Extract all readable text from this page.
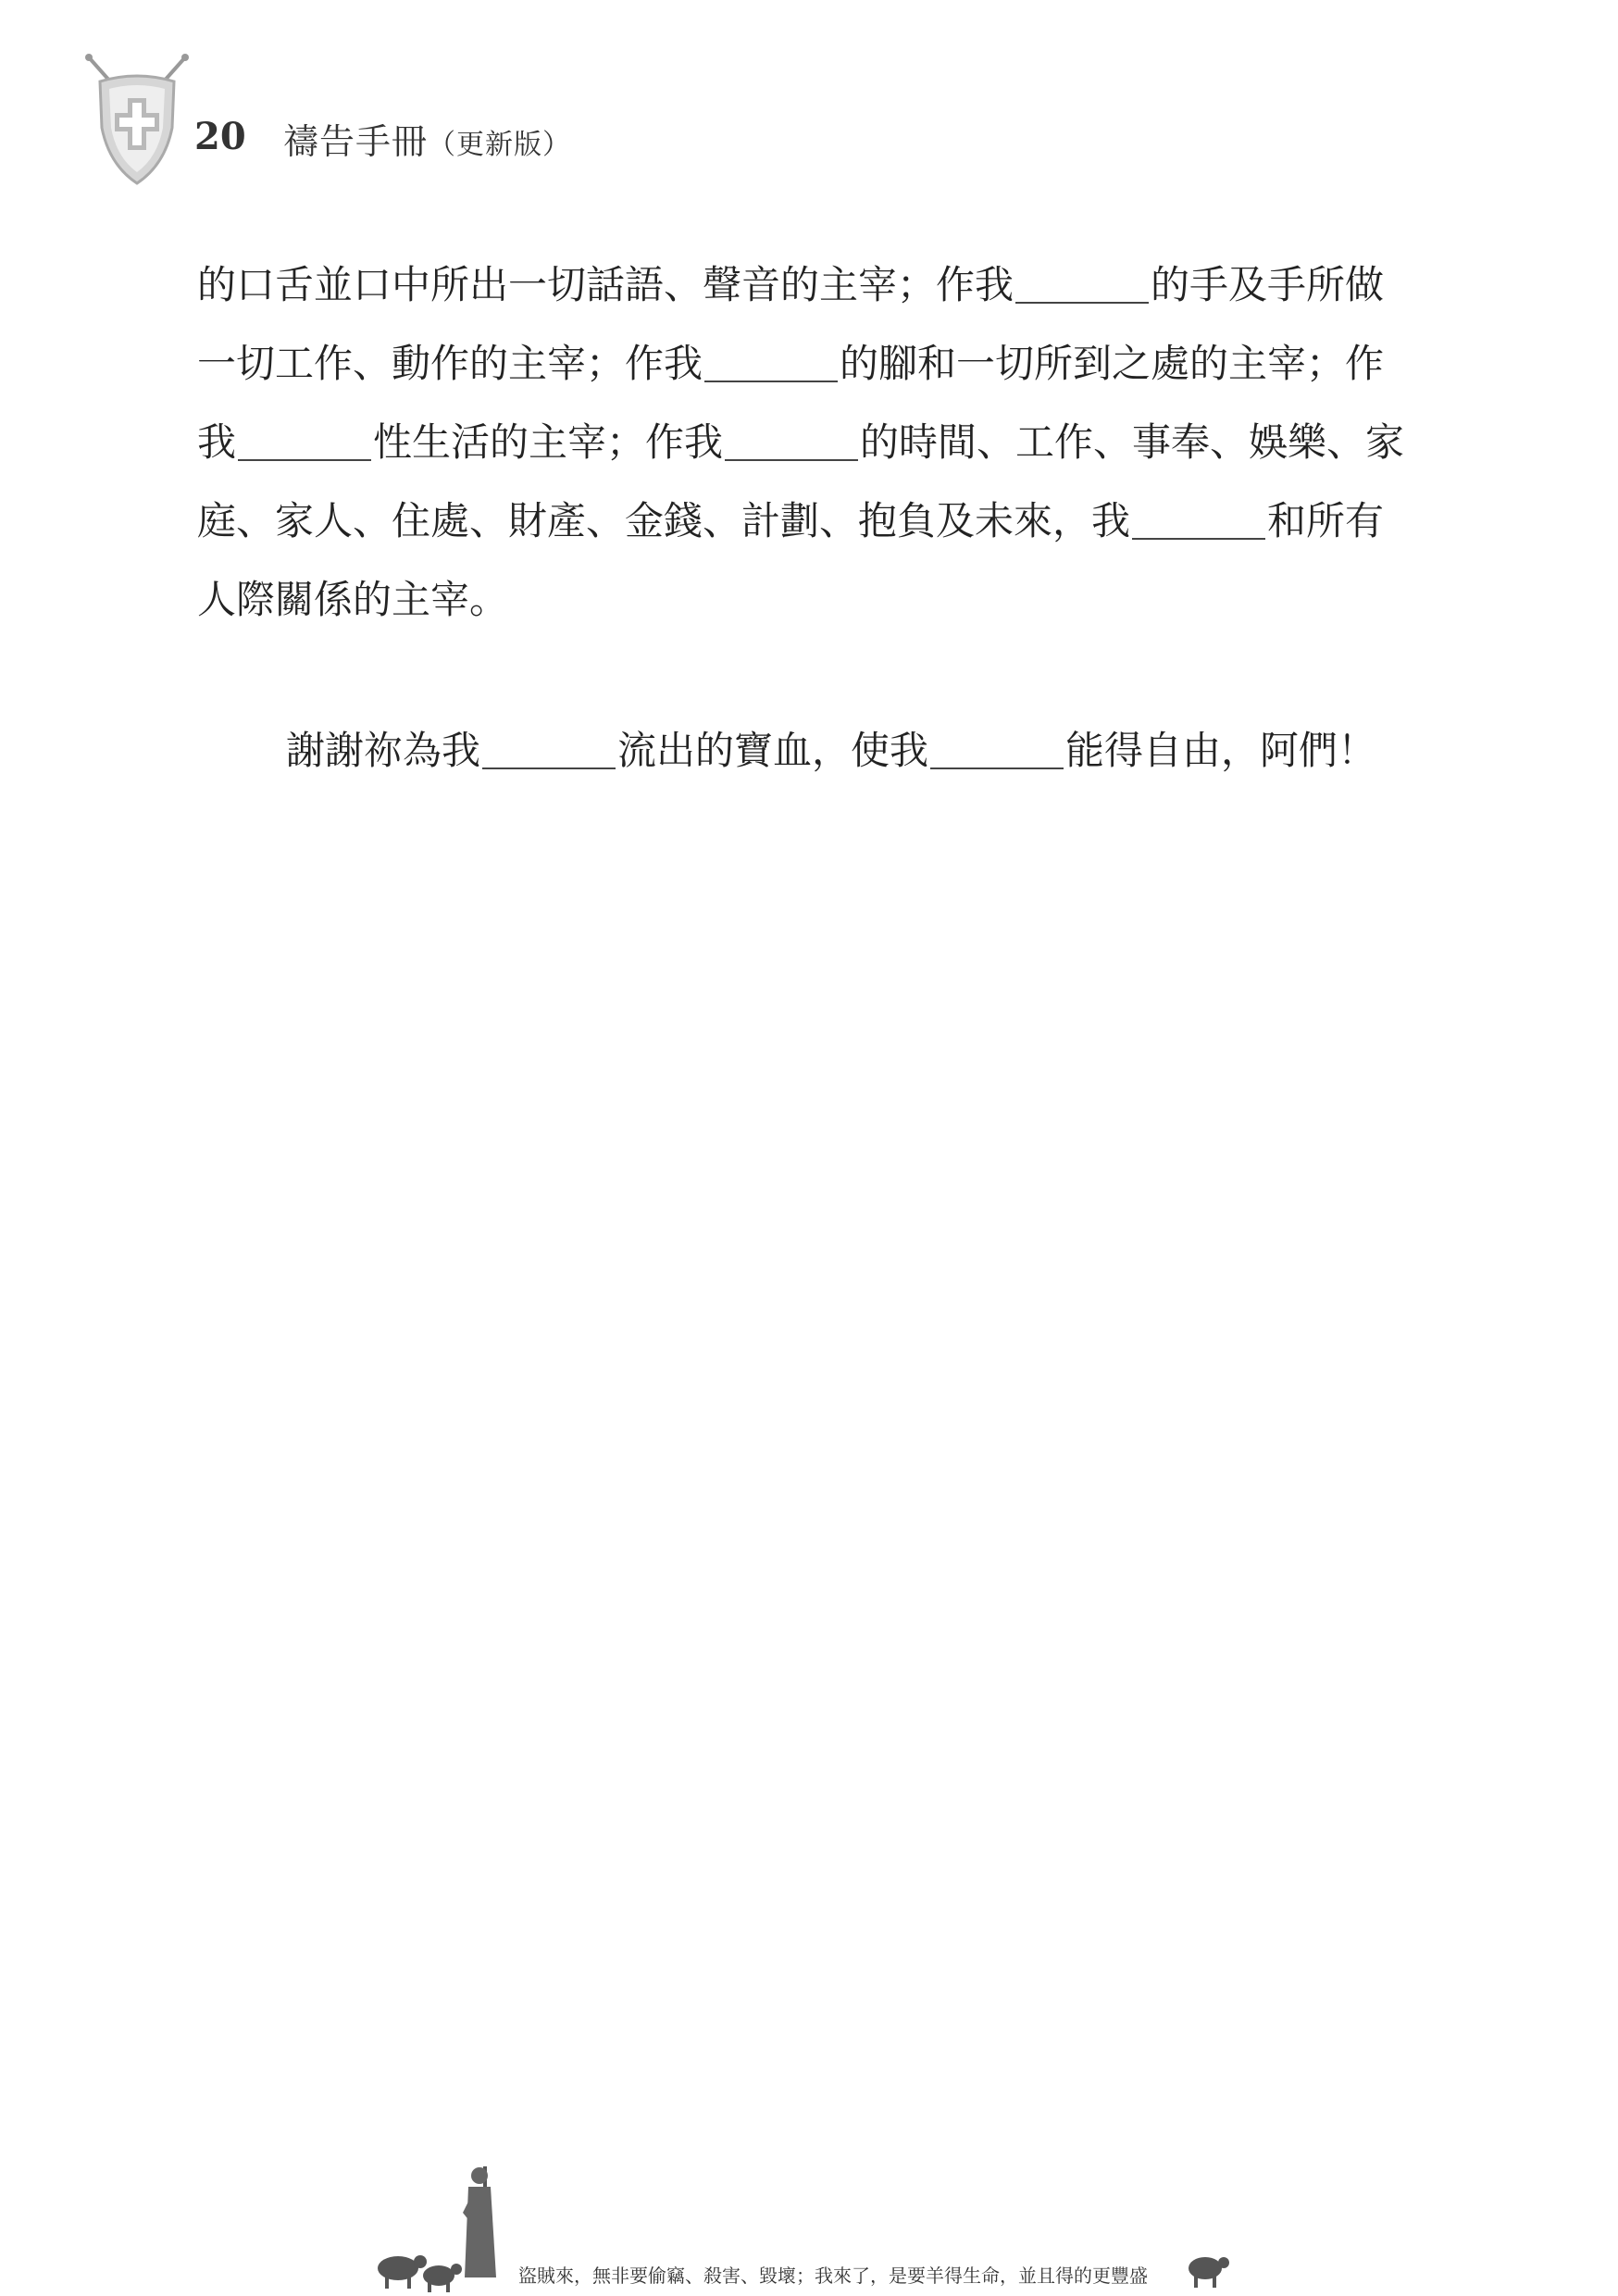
20 禱告手冊（更新版）

的口舌並口中所出一切話語、聲音的主宰；作我	的手及手所做一切工作、動作的主宰；作我	的腳和一切所到之處的主宰；作我	性生活的主宰；作我	的時間、工作、事奉、娛樂、家庭、家人、住處、財產、金錢、計劃、抱負及未來，我	和所有人際關係的主宰。

謝謝祢為我	流出的寶血，使我	能得自由，阿們！

盜賊來，無非要偷竊、殺害、毀壞；我來了，是要羊得生命，並且得的更豐盛
